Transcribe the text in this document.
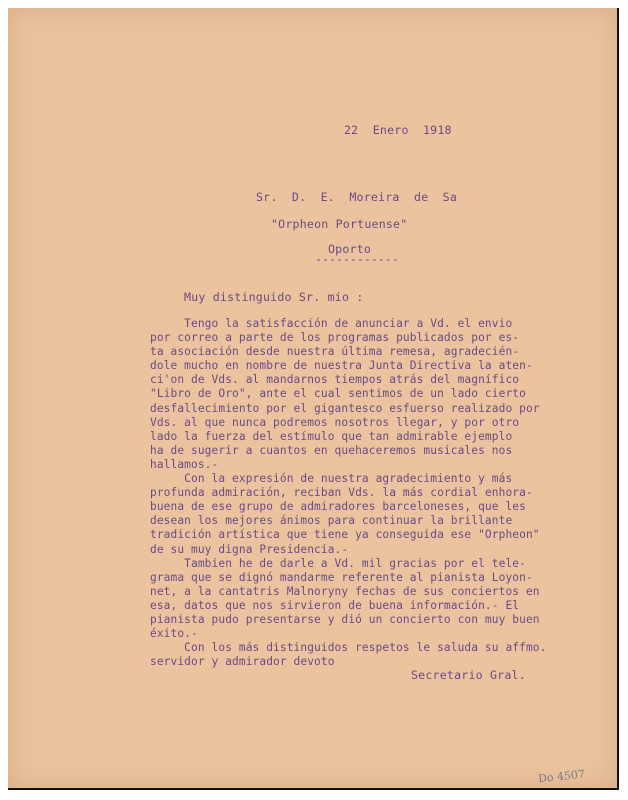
22  Enero  1918
Sr.  D.  E.  Moreira  de  Sa
"Orpheon Portuense"
Oporto
------------
Muy distinguido Sr. mio :
Tengo la satisfacción de anunciar a Vd. el envio
por correo a parte de los programas publicados por es-
ta asociación desde nuestra última remesa, agradecién-
dole mucho en nombre de nuestra Junta Directiva la aten-
ci'on de Vds. al mandarnos tiempos atrás del magnífico
"Libro de Oro", ante el cual sentimos de un lado cierto
desfallecimiento por el gigantesco esfuerso realizado por
Vds. al que nunca podremos nosotros llegar, y por otro
lado la fuerza del estímulo que tan admirable ejemplo
ha de sugerir a cuantos en quehaceremos musicales nos
hallamos.-
Con la expresión de nuestra agradecimiento y más
profunda admiración, reciban Vds. la más cordial enhora-
buena de ese grupo de admiradores barceloneses, que les
desean los mejores ánimos para continuar la brillante
tradición artística que tiene ya conseguida ese "Orpheon"
de su muy digna Presidencia.-
Tambien he de darle a Vd. mil gracias por el tele-
grama que se dignó mandarme referente al pianista Loyon-
net, a la cantatris Malnoryny fechas de sus conciertos en
esa, datos que nos sirvieron de buena información.- El
pianista pudo presentarse y dió un concierto con muy buen
éxito.-
Con los más distinguidos respetos le saluda su affmo.
servidor y admirador devoto
Secretario Gral.
Do 4507
